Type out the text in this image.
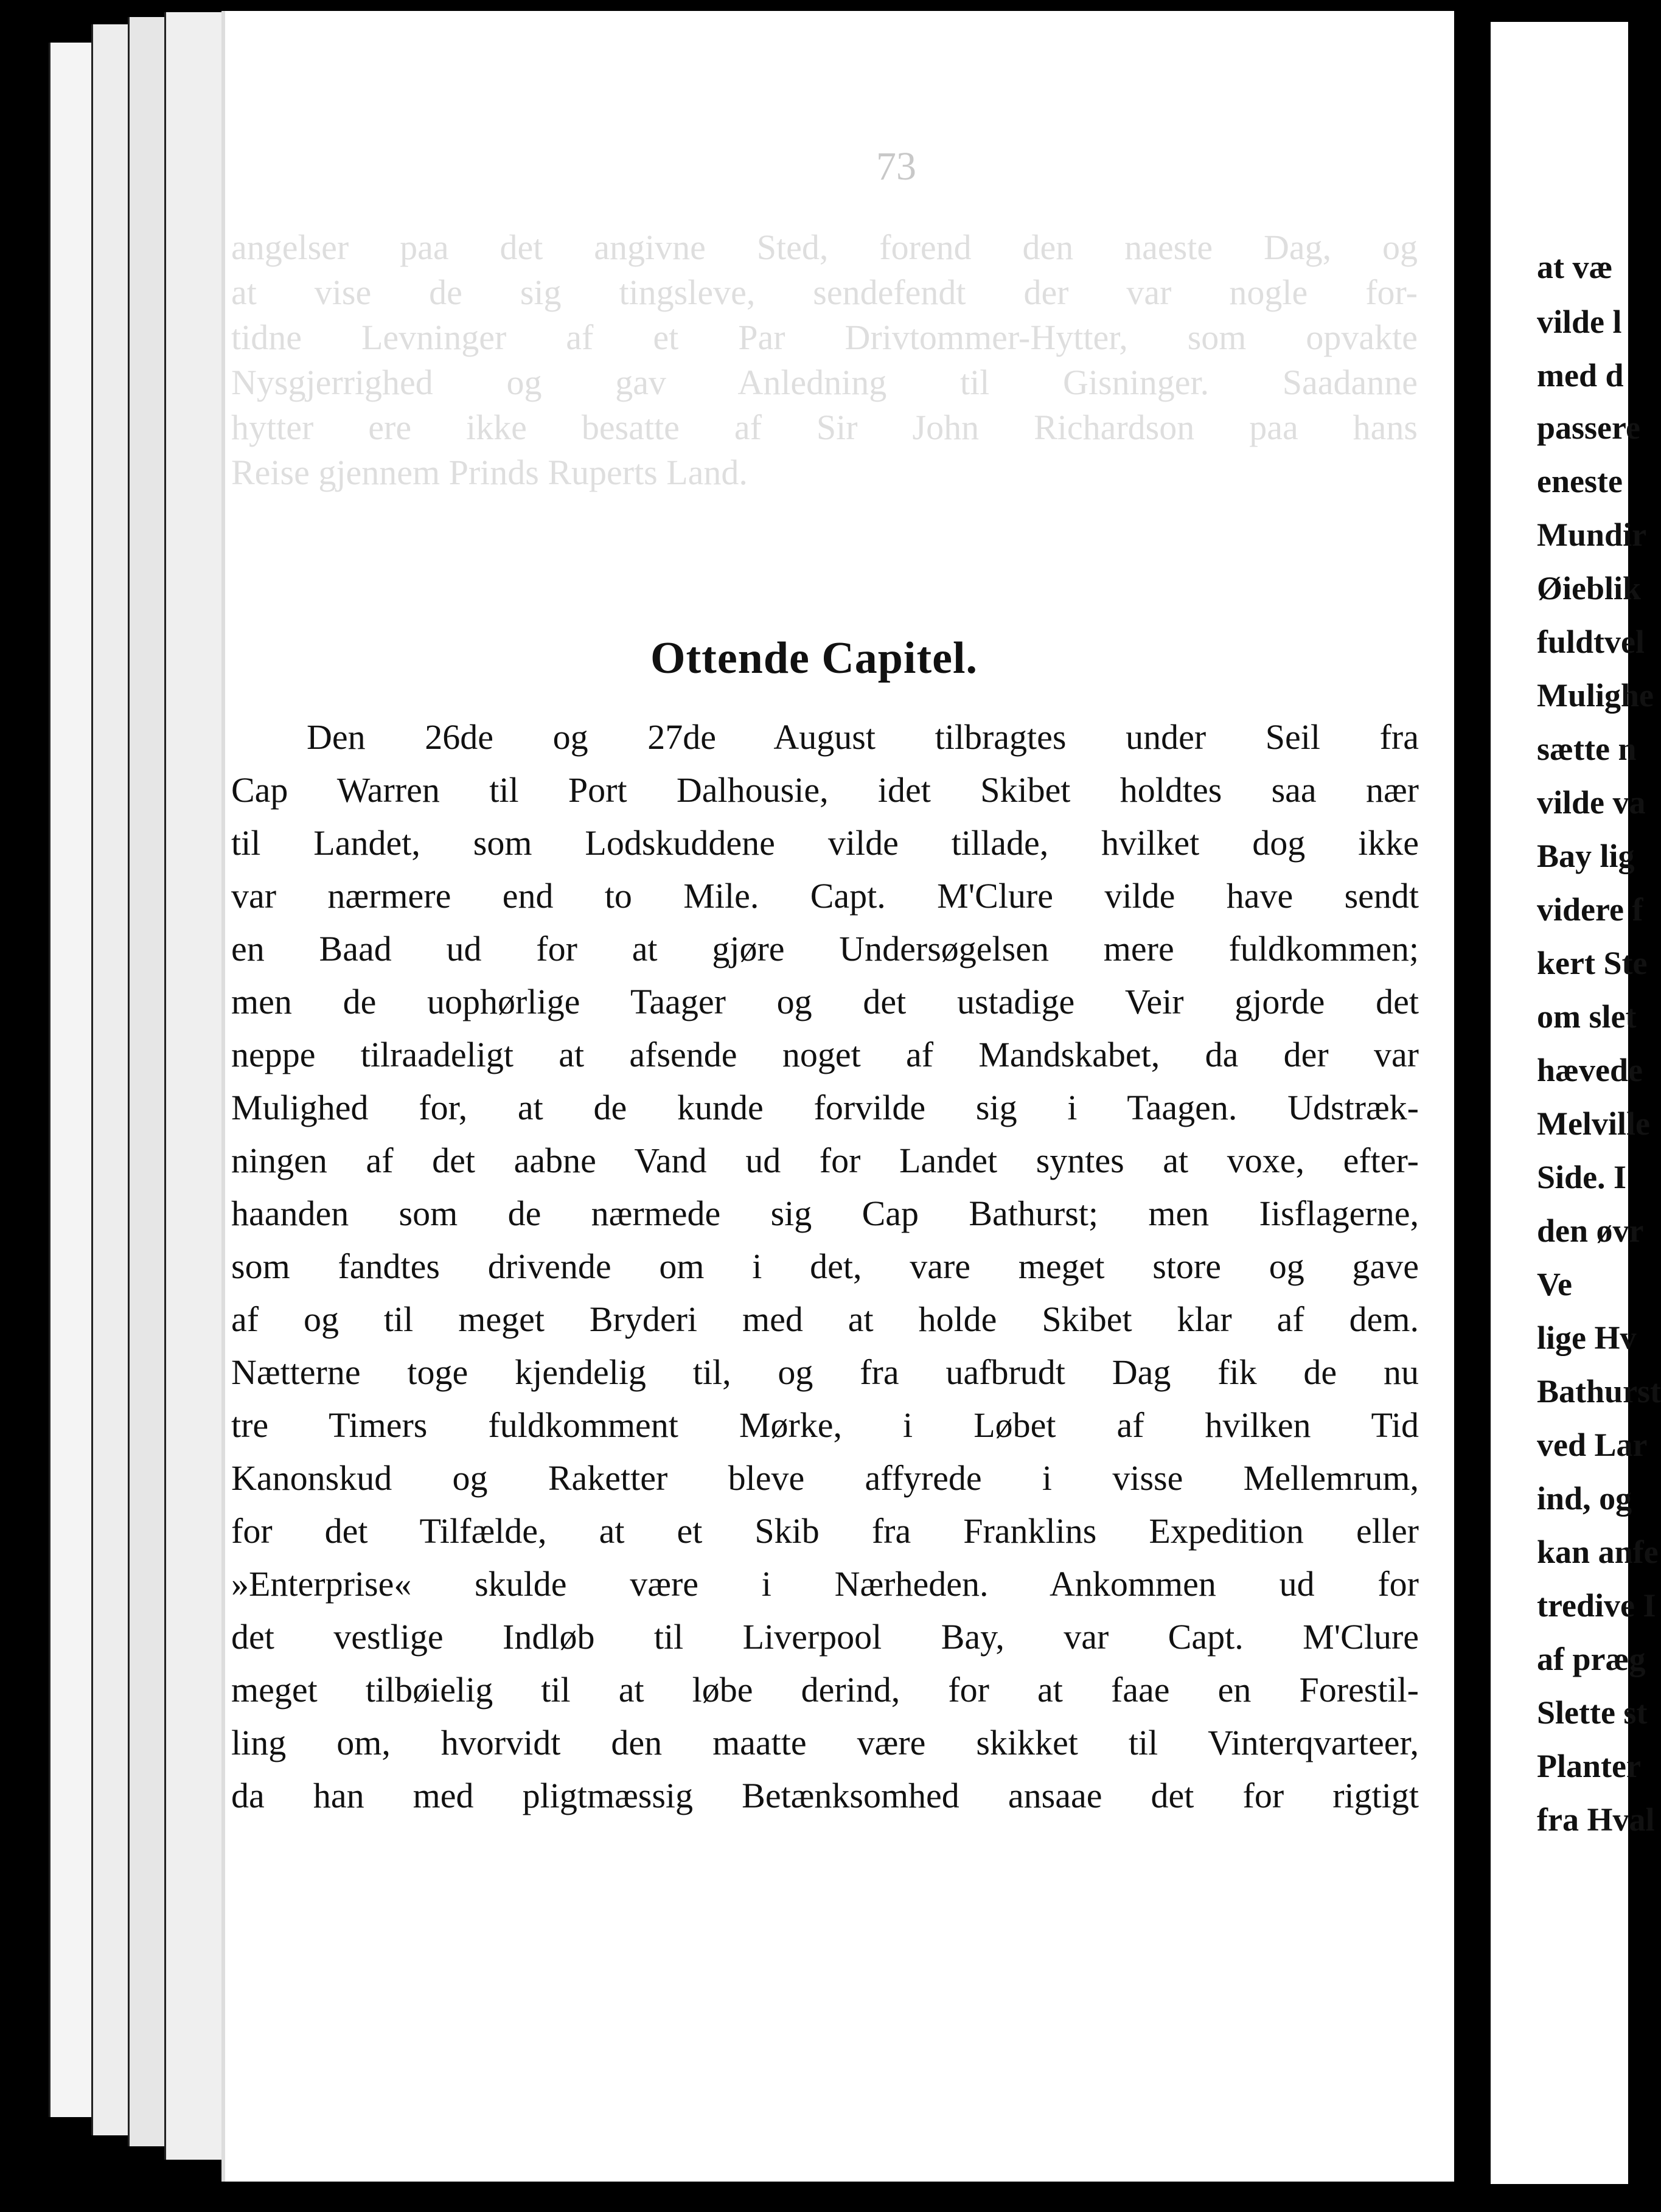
73

angelser paa det angivne Sted, forend den naeste Dag, og

at vise de sig tingsleve, sendefendt der var nogle for-

tidne Levninger af et Par Drivtommer-Hytter, som opvakte

Nysgjerrighed og gav Anledning til Gisninger. Saadanne

hytter ere ikke besatte af Sir John Richardson paa hans

Reise gjennem Prinds Ruperts Land.

Ottende Capitel.
Den 26de og 27de August tilbragtes under Seil fra
Cap Warren til Port Dalhousie, idet Skibet holdtes saa nær
til Landet, som Lodskuddene vilde tillade, hvilket dog ikke
var nærmere end to Mile. Capt. M'Clure vilde have sendt
en Baad ud for at gjøre Undersøgelsen mere fuldkommen;
men de uophørlige Taager og det ustadige Veir gjorde det
neppe tilraadeligt at afsende noget af Mandskabet, da der var
Mulighed for, at de kunde forvilde sig i Taagen. Udstræk-
ningen af det aabne Vand ud for Landet syntes at voxe, efter-
haanden som de nærmede sig Cap Bathurst; men Iisflagerne,
som fandtes drivende om i det, vare meget store og gave
af og til meget Bryderi med at holde Skibet klar af dem.
Nætterne toge kjendelig til, og fra uafbrudt Dag fik de nu
tre Timers fuldkomment Mørke, i Løbet af hvilken Tid
Kanonskud og Raketter bleve affyrede i visse Mellemrum,
for det Tilfælde, at et Skib fra Franklins Expedition eller
»Enterprise« skulde være i Nærheden. Ankommen ud for
det vestlige Indløb til Liverpool Bay, var Capt. M'Clure
meget tilbøielig til at løbe derind, for at faae en Forestil-
ling om, hvorvidt den maatte være skikket til Vinterqvarteer,
da han med pligtmæssig Betænksomhed ansaae det for rigtigt
at væ
vilde l
med d
passere
eneste
Mundir
Øieblik
fuldtvel
Mulighe
sætte n
vilde va
Bay lig
videre f
kert Ste
om slet
hævede
Melville
Side. I
den øvr
Ve
lige Hv
Bathurst
ved Lar
ind, og
kan anfe
tredive I
af præg
Slette st
Planter
fra Hval
